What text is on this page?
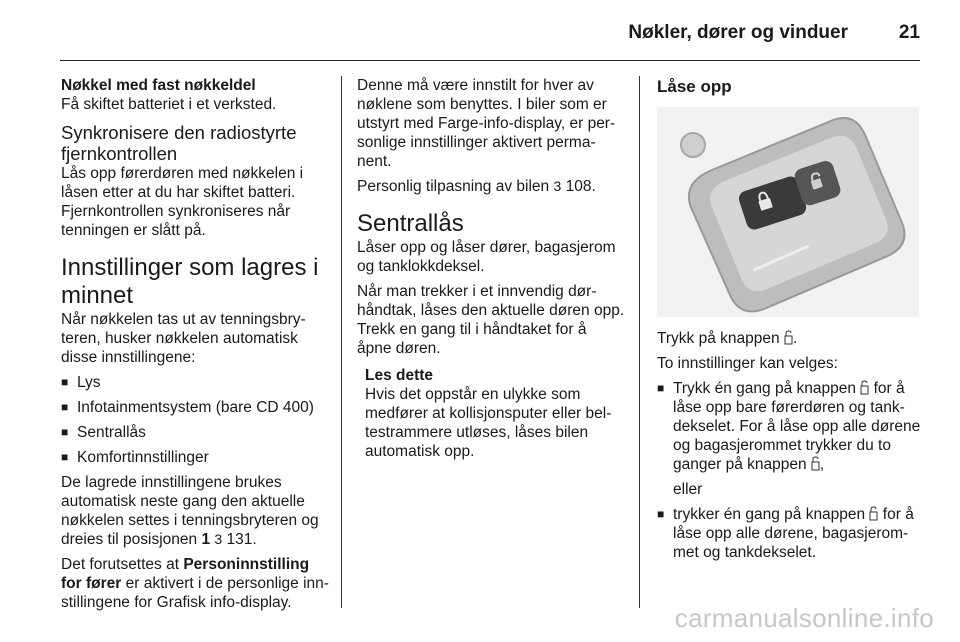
Nøkler, dører og vinduer	21

Nøkkel med fast nøkkeldel

Få skiftet batteriet i et verksted.

Synkronisere den radiostyrte fjernkontrollen

Lås opp førerdøren med nøkkelen i låsen etter at du har skiftet batteri. Fjernkontrollen synkroniseres når tenningen er slått på.

Innstillinger som lagres i minnet

Når nøkkelen tas ut av tenningsbry-teren, husker nøkkelen automatisk disse innstillingene:

■ Lys
■ Infotainmentsystem (bare CD 400)
■ Sentrallås
■ Komfortinnstillinger

De lagrede innstillingene brukes automatisk neste gang den aktuelle nøkkelen settes i tenningsbryteren og dreies til posisjonen 1 3 131.

Det forutsettes at Personinnstilling for fører er aktivert i de personlige inn-stillingene for Grafisk info-display.

Denne må være innstilt for hver av nøklene som benyttes. I biler som er utstyrt med Farge-info-display, er per-sonlige innstillinger aktivert perma-nent.

Personlig tilpasning av bilen 3 108.

Sentrallås

Låser opp og låser dører, bagasjerom og tanklokkdeksel.

Når man trekker i et innvendig dør-håndtak, låses den aktuelle døren opp. Trekk en gang til i håndtaket for å åpne døren.

Les dette

Hvis det oppstår en ulykke som medfører at kollisjonsputer eller bel-testrammere utløses, låses bilen automatisk opp.

Låse opp

Trykk på knappen .

To innstillinger kan velges:

■ Trykk én gang på knappen for å låse opp bare førerdøren og tank-dekselet. For å låse opp alle dørene og bagasjerommet trykker du to ganger på knappen ,
eller
■ trykker én gang på knappen for å låse opp alle dørene, bagasjerom-met og tankdekselet.
carmanualsonline.info
